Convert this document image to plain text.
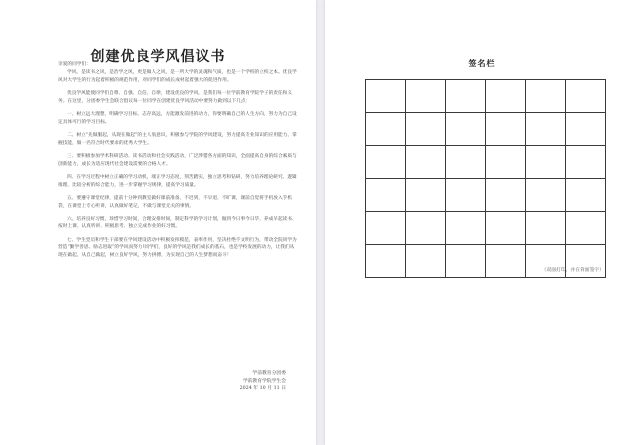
创建优良学风倡议书

亲爱的同学们：

学风，是读书之风，是治学之风，更是做人之风，是一所大学的灵魂和气质，也是一个学校的立校之本。优良学风对大学生的行为起着积极的规范作用，对同学们的成长成材起着强大的促进作用。

优良学风能使同学们自尊、自强、自信、自律，建设优良的学风，是我们每一位学前教育学院学子的责任和义务。在这里，分团委学生会联合倡议每一位同学在创建优良学风活动中要努力做到以下几点：

一、树立远大理想，明确学习目标。志存高远，方能激发前进的动力，你要明确自己的人生方向，努力为自己设定具体可行的学习目标。

二、树立“先做服起，从现在做起”的主人翁意识，积极参与学院的学风建设，努力提高专业知识的应用能力、掌握技能，做一名符合时代要求的优秀大学生。

三、要积极参加学术科研活动、读书活动和社会实践活动，广泛涉猎各方面的知识，全面提高自身的综合素质与创新能力，成长为适应现代社会建设需要的合格人才。

四、在学习过程中树立正确的学习动机，端正学习态度，刻苦踏实，独立思考和钻研，努力培养理论研究、逻辑推理、比较分析的综合能力，进一步掌握学习规律，提高学习质量。

五、要遵守课堂纪律，提前十分钟到教室做好课前准备，不迟到、不早退、不旷课，课前自觉将手机放入手机袋，在课堂上专心听讲，认真做好笔记，不做与课堂无关的事情。

六、培养良好习惯，珍惜学习时间，合理安排时间，制定科学的学习计划，做到今日事今日毕，养成早起读书、按时上课、认真听讲、积极思考、独立完成作业的好习惯。

七、学生党员和学生干部要在学风建设活动中积极发挥模范，表率作用，坚决杜绝不文明行为，带动全院同学为营造“勤学善思、励志进取”的学风而努力!同学们，良好的学风是我们成长的基石，也是学校发展的动力，让我们从现在做起，从自己做起，树立良好学风，努力拼搏，为实现自己的人生梦想而奋斗！

学前教育分团委
学前教育学院学生会
2024 年 10 月 11 日
签名栏

（双面打印，并在背面签字）
